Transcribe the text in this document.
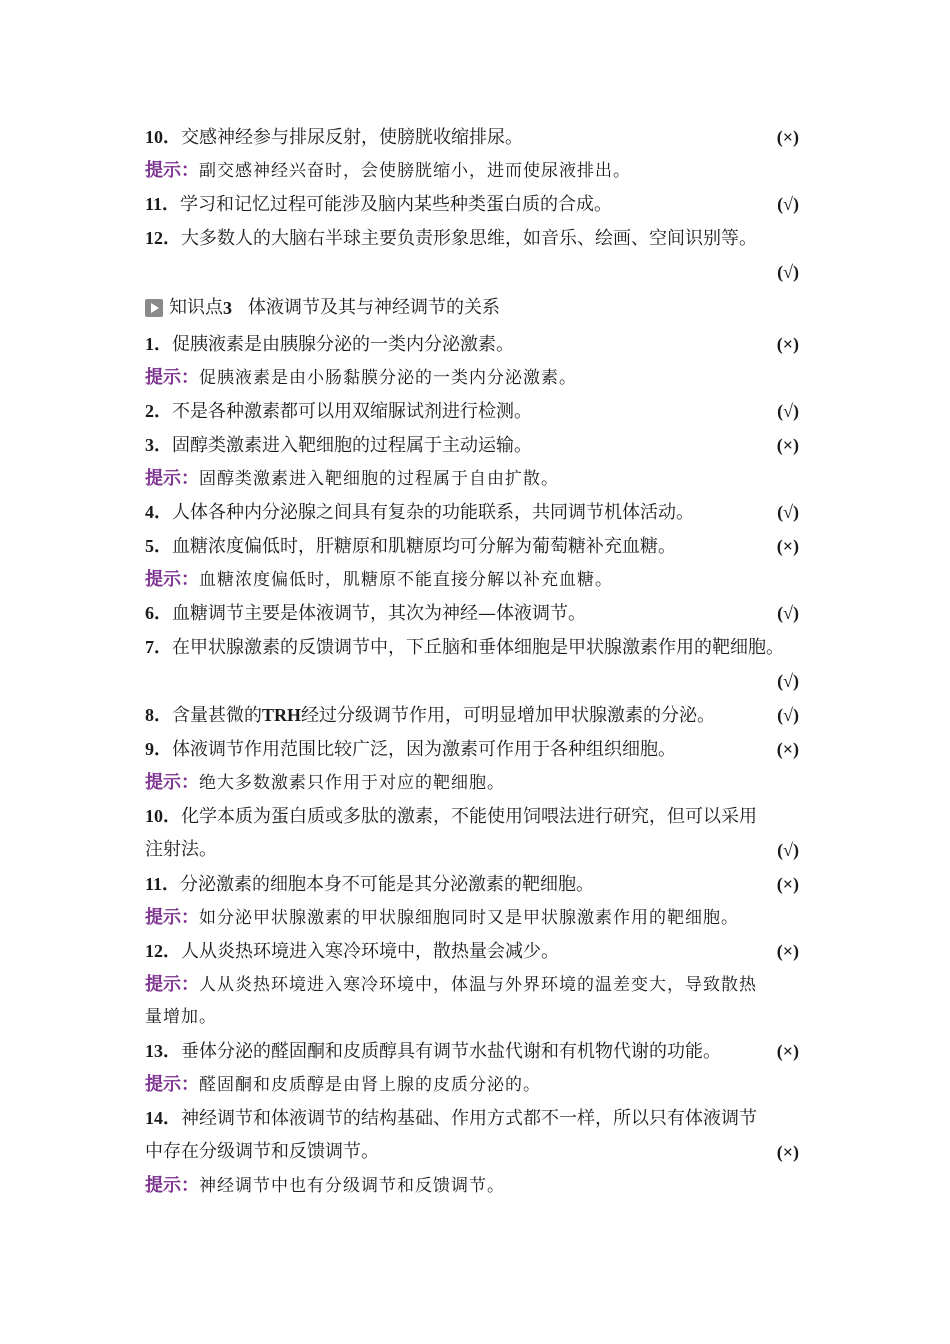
10．交感神经参与排尿反射，使膀胱收缩排尿。	(×)
提示：副交感神经兴奋时，会使膀胱缩小，进而使尿液排出。
11．学习和记忆过程可能涉及脑内某些种类蛋白质的合成。	(√)
12．大多数人的大脑右半球主要负责形象思维，如音乐、绘画、空间识别等。
(√)
知识点 3 体液调节及其与神经调节的关系
1．促胰液素是由胰腺分泌的一类内分泌激素。	(×)
提示：促胰液素是由小肠黏膜分泌的一类内分泌激素。
2．不是各种激素都可以用双缩脲试剂进行检测。	(√)
3．固醇类激素进入靶细胞的过程属于主动运输。	(×)
提示：固醇类激素进入靶细胞的过程属于自由扩散。
4．人体各种内分泌腺之间具有复杂的功能联系，共同调节机体活动。	(√)
5．血糖浓度偏低时，肝糖原和肌糖原均可分解为葡萄糖补充血糖。	(×)
提示：血糖浓度偏低时，肌糖原不能直接分解以补充血糖。
6．血糖调节主要是体液调节，其次为神经—体液调节。	(√)
7．在甲状腺激素的反馈调节中，下丘脑和垂体细胞是甲状腺激素作用的靶细胞。
(√)
8．含量甚微的TRH经过分级调节作用，可明显增加甲状腺激素的分泌。	(√)
9．体液调节作用范围比较广泛，因为激素可作用于各种组织细胞。	(×)
提示：绝大多数激素只作用于对应的靶细胞。
10．化学本质为蛋白质或多肽的激素，不能使用饲喂法进行研究，但可以采用
注射法。	(√)
11．分泌激素的细胞本身不可能是其分泌激素的靶细胞。	(×)
提示：如分泌甲状腺激素的甲状腺细胞同时又是甲状腺激素作用的靶细胞。
12．人从炎热环境进入寒冷环境中，散热量会减少。	(×)
提示：人从炎热环境进入寒冷环境中，体温与外界环境的温差变大，导致散热
量增加。
13．垂体分泌的醛固酮和皮质醇具有调节水盐代谢和有机物代谢的功能。	(×)
提示：醛固酮和皮质醇是由肾上腺的皮质分泌的。
14．神经调节和体液调节的结构基础、作用方式都不一样，所以只有体液调节
中存在分级调节和反馈调节。	(×)
提示：神经调节中也有分级调节和反馈调节。
